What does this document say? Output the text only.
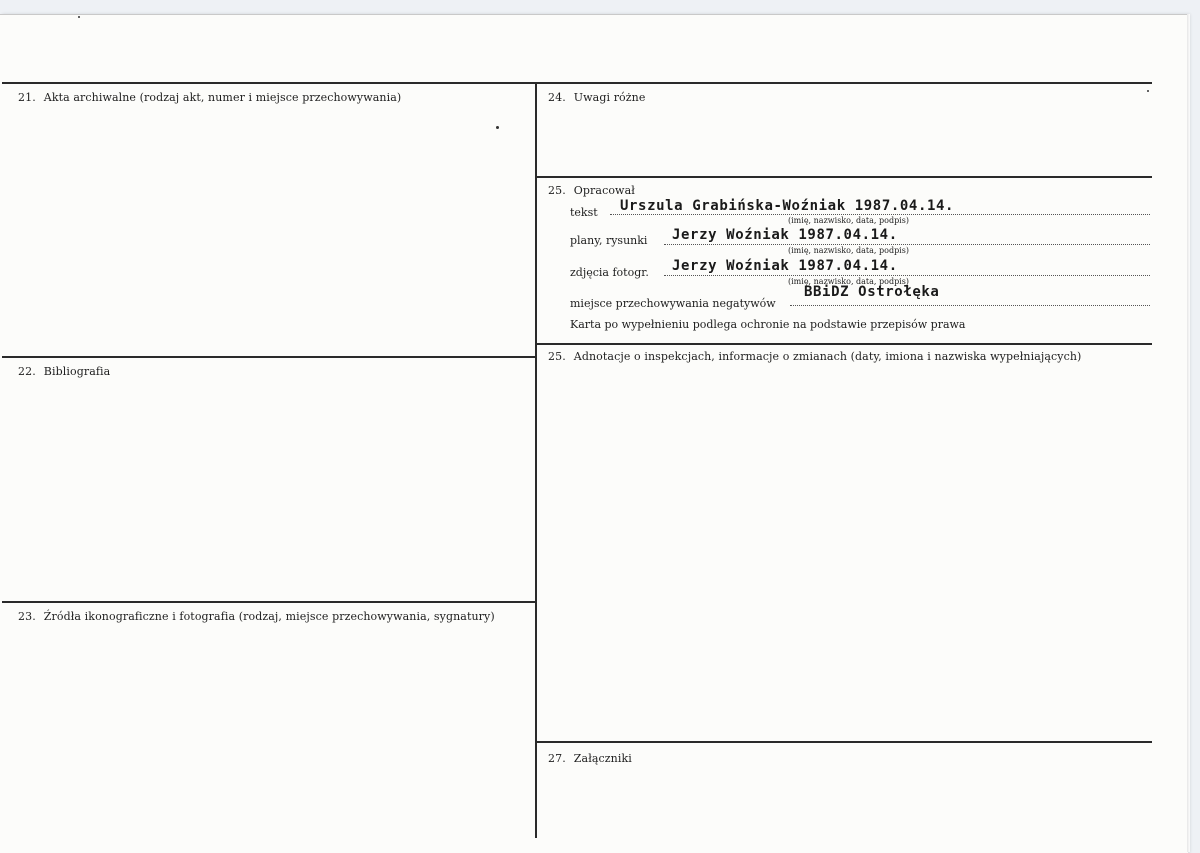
21. Akta archiwalne (rodzaj akt, numer i miejsce przechowywania)
22. Bibliografia
23. Źródła ikonograficzne i fotografia (rodzaj, miejsce przechowywania, sygnatury)
24. Uwagi różne
25. Opracował
tekst Urszula Grabińska-Woźniak 1987.04.14.
(imię, nazwisko, data, podpis)
plany, rysunki Jerzy Woźniak 1987.04.14.
(imię, nazwisko, data, podpis)
zdjęcia fotogr. Jerzy Woźniak 1987.04.14.
(imię, nazwisko, data, podpis)
miejsce przechowywania negatywów
BBiDZ Ostrołęka
Karta po wypełnieniu podlega ochronie na podstawie przepisów prawa
25. Adnotacje o inspekcjach, informacje o zmianach (daty, imiona i nazwiska wypełniających)
27. Załączniki
